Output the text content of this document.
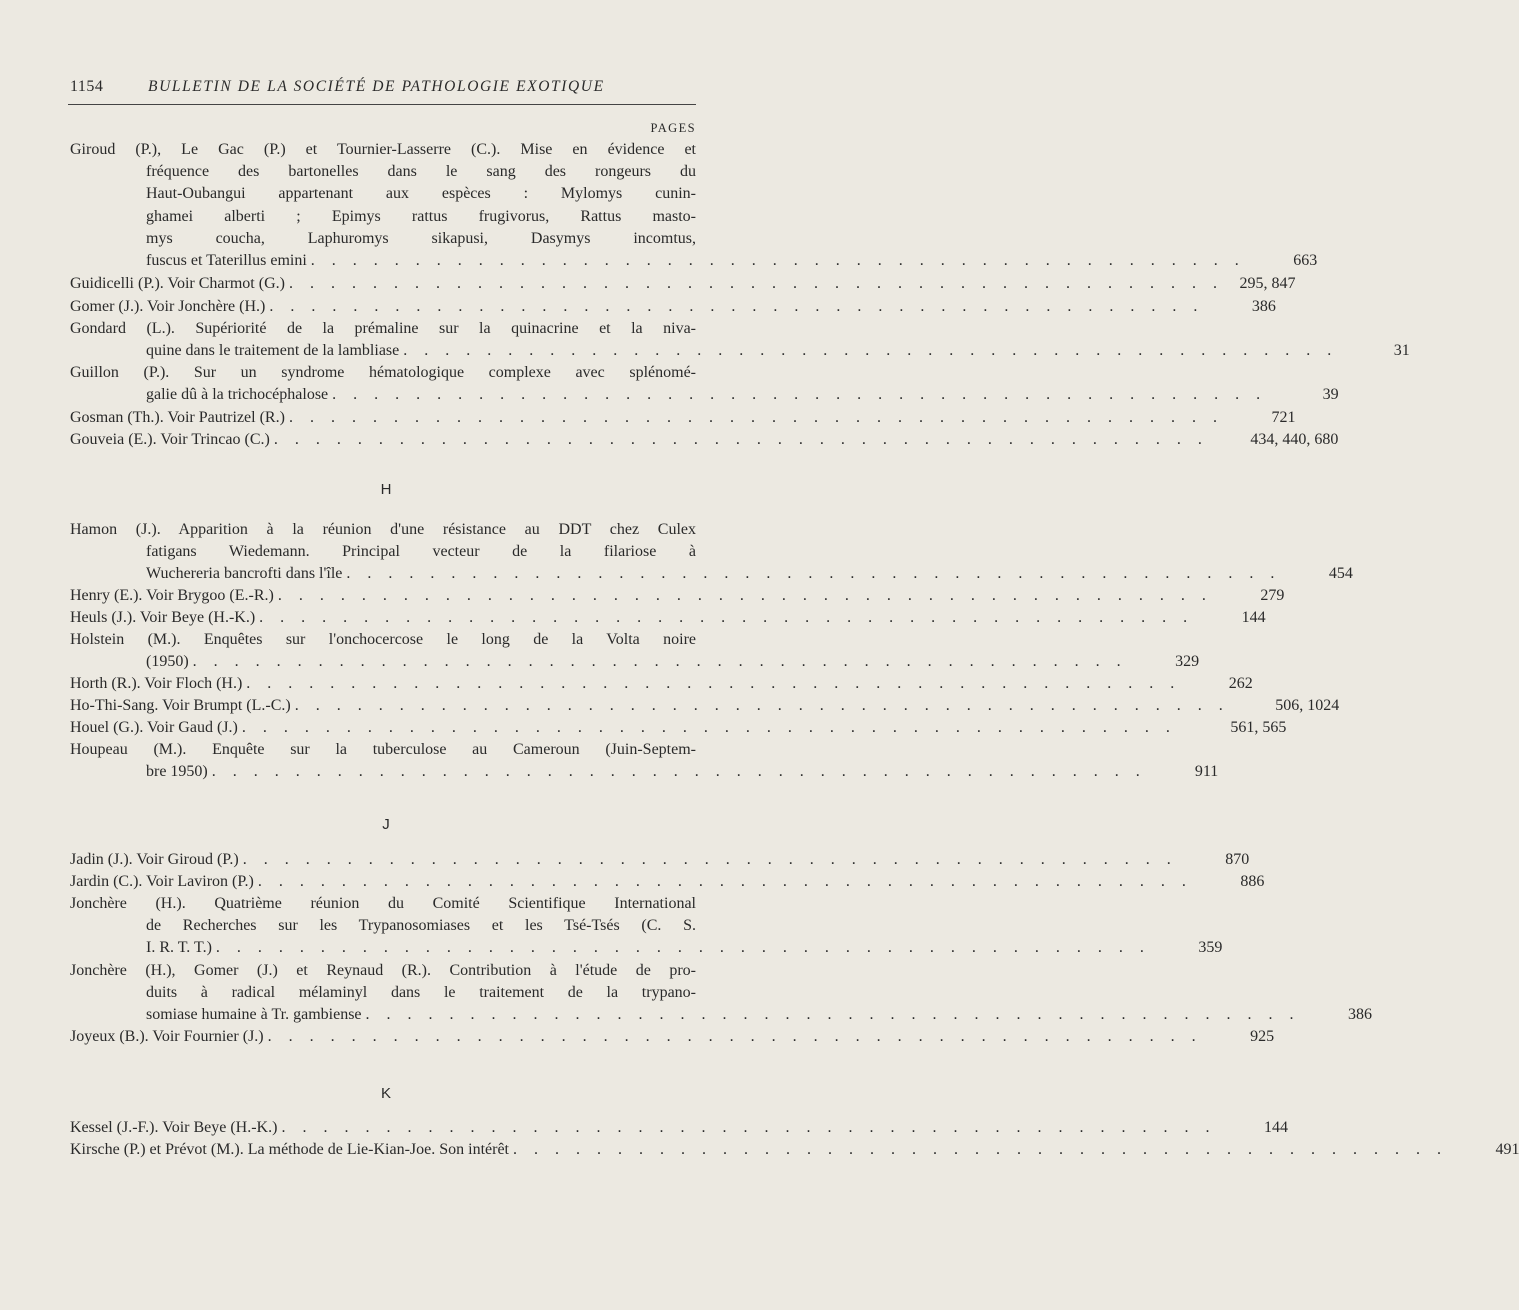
1154	BULLETIN DE LA SOCIÉTÉ DE PATHOLOGIE EXOTIQUE
PAGES
Giroud (P.), Le Gac (P.) et Tournier-Lasserre (C.). Mise en évidence et
fréquence des bartonelles dans le sang des rongeurs du
Haut-Oubangui appartenant aux espèces : Mylomys cunin-
ghamei alberti ; Epimys rattus frugivorus, Rattus masto-
mys coucha, Laphuromys sikapusi, Dasymys incomtus,
fuscus et Taterillus emini . . . . . . . . . . . . . . . . . . . . . . . . . . . . . . . . . . . . . . . . . . . . .	663
Guidicelli (P.). Voir Charmot (G.) . . . . . . . . . . . . . . . . . . . . . . . . . . . . . . . . . . . . . . . . . . . . .	295, 847
Gomer (J.). Voir Jonchère (H.) . . . . . . . . . . . . . . . . . . . . . . . . . . . . . . . . . . . . . . . . . . . . .	386
Gondard (L.). Supériorité de la prémaline sur la quinacrine et la niva-
quine dans le traitement de la lambliase . . . . . . . . . . . . . . . . . . . . . . . . . . . . . . . . . . . . . . . . . . . . .	31
Guillon (P.). Sur un syndrome hématologique complexe avec splénomé-
galie dû à la trichocéphalose . . . . . . . . . . . . . . . . . . . . . . . . . . . . . . . . . . . . . . . . . . . . .	39
Gosman (Th.). Voir Pautrizel (R.) . . . . . . . . . . . . . . . . . . . . . . . . . . . . . . . . . . . . . . . . . . . . .	721
Gouveia (E.). Voir Trincao (C.) . . . . . . . . . . . . . . . . . . . . . . . . . . . . . . . . . . . . . . . . . . . . .	434, 440, 680
H
Hamon (J.). Apparition à la réunion d'une résistance au DDT chez Culex
fatigans Wiedemann. Principal vecteur de la filariose à
Wuchereria bancrofti dans l'île . . . . . . . . . . . . . . . . . . . . . . . . . . . . . . . . . . . . . . . . . . . . .	454
Henry (E.). Voir Brygoo (E.-R.) . . . . . . . . . . . . . . . . . . . . . . . . . . . . . . . . . . . . . . . . . . . . .	279
Heuls (J.). Voir Beye (H.-K.) . . . . . . . . . . . . . . . . . . . . . . . . . . . . . . . . . . . . . . . . . . . . .	144
Holstein (M.). Enquêtes sur l'onchocercose le long de la Volta noire
(1950) . . . . . . . . . . . . . . . . . . . . . . . . . . . . . . . . . . . . . . . . . . . . .	329
Horth (R.). Voir Floch (H.) . . . . . . . . . . . . . . . . . . . . . . . . . . . . . . . . . . . . . . . . . . . . .	262
Ho-Thi-Sang. Voir Brumpt (L.-C.) . . . . . . . . . . . . . . . . . . . . . . . . . . . . . . . . . . . . . . . . . . . . .	506, 1024
Houel (G.). Voir Gaud (J.) . . . . . . . . . . . . . . . . . . . . . . . . . . . . . . . . . . . . . . . . . . . . .	561, 565
Houpeau (M.). Enquête sur la tuberculose au Cameroun (Juin-Septem-
bre 1950) . . . . . . . . . . . . . . . . . . . . . . . . . . . . . . . . . . . . . . . . . . . . .	911
J
Jadin (J.). Voir Giroud (P.) . . . . . . . . . . . . . . . . . . . . . . . . . . . . . . . . . . . . . . . . . . . . .	870
Jardin (C.). Voir Laviron (P.) . . . . . . . . . . . . . . . . . . . . . . . . . . . . . . . . . . . . . . . . . . . . .	886
Jonchère (H.). Quatrième réunion du Comité Scientifique International
de Recherches sur les Trypanosomiases et les Tsé-Tsés (C. S.
I. R. T. T.) . . . . . . . . . . . . . . . . . . . . . . . . . . . . . . . . . . . . . . . . . . . . .	359
Jonchère (H.), Gomer (J.) et Reynaud (R.). Contribution à l'étude de pro-
duits à radical mélaminyl dans le traitement de la trypano-
somiase humaine à Tr. gambiense . . . . . . . . . . . . . . . . . . . . . . . . . . . . . . . . . . . . . . . . . . . . .	386
Joyeux (B.). Voir Fournier (J.) . . . . . . . . . . . . . . . . . . . . . . . . . . . . . . . . . . . . . . . . . . . . .	925
K
Kessel (J.-F.). Voir Beye (H.-K.) . . . . . . . . . . . . . . . . . . . . . . . . . . . . . . . . . . . . . . . . . . . . .	144
Kirsche (P.) et Prévot (M.). La méthode de Lie-Kian-Joe. Son intérêt . . . . . . . . . . . . . . . . . . . . . . . . . . . . . . . . . . . . . . . . . . . . .	491
